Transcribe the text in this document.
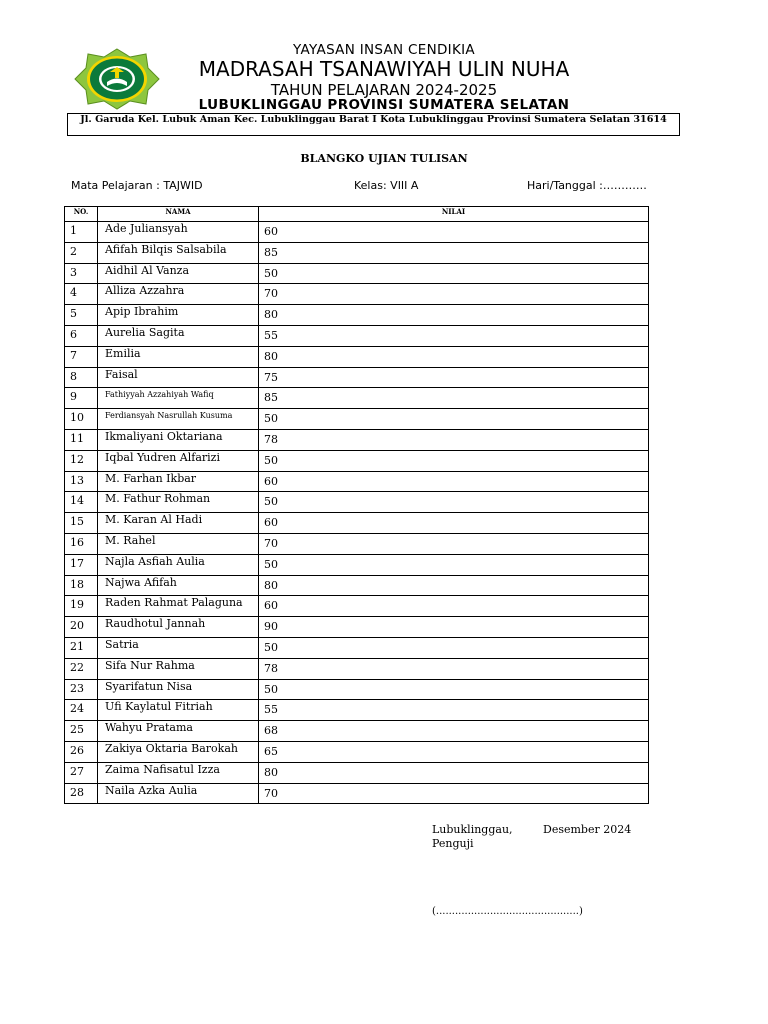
YAYASAN INSAN CENDIKIA
MADRASAH TSANAWIYAH ULIN NUHA
TAHUN PELAJARAN 2024-2025
LUBUKLINGGAU PROVINSI SUMATERA SELATAN
Jl. Garuda Kel. Lubuk Aman Kec. Lubuklinggau Barat I Kota Lubuklinggau Provinsi Sumatera Selatan 31614
BLANGKO UJIAN TULISAN
Mata Pelajaran : TAJWID	Kelas: VIII A	Hari/Tanggal :…………
NO.	NAMA	NILAI
1	Ade Juliansyah	60
2	Afifah Bilqis Salsabila	85
3	Aidhil Al Vanza	50
4	Alliza Azzahra	70
5	Apip Ibrahim	80
6	Aurelia Sagita	55
7	Emilia	80
8	Faisal	75
9	Fathiyyah Azzahiyah Wafiq	85
10	Ferdiansyah Nasrullah Kusuma	50
11	Ikmaliyani Oktariana	78
12	Iqbal Yudren Alfarizi	50
13	M. Farhan Ikbar	60
14	M. Fathur Rohman	50
15	M. Karan Al Hadi	60
16	M. Rahel	70
17	Najla Asfiah Aulia	50
18	Najwa Afifah	80
19	Raden Rahmat Palaguna	60
20	Raudhotul Jannah	90
21	Satria	50
22	Sifa Nur Rahma	78
23	Syarifatun Nisa	50
24	Ufi Kaylatul Fitriah	55
25	Wahyu Pratama	68
26	Zakiya Oktaria Barokah	65
27	Zaima Nafisatul Izza	80
28	Naila Azka Aulia	70
Lubuklinggau,	Desember 2024
Penguji
(.............................................)
